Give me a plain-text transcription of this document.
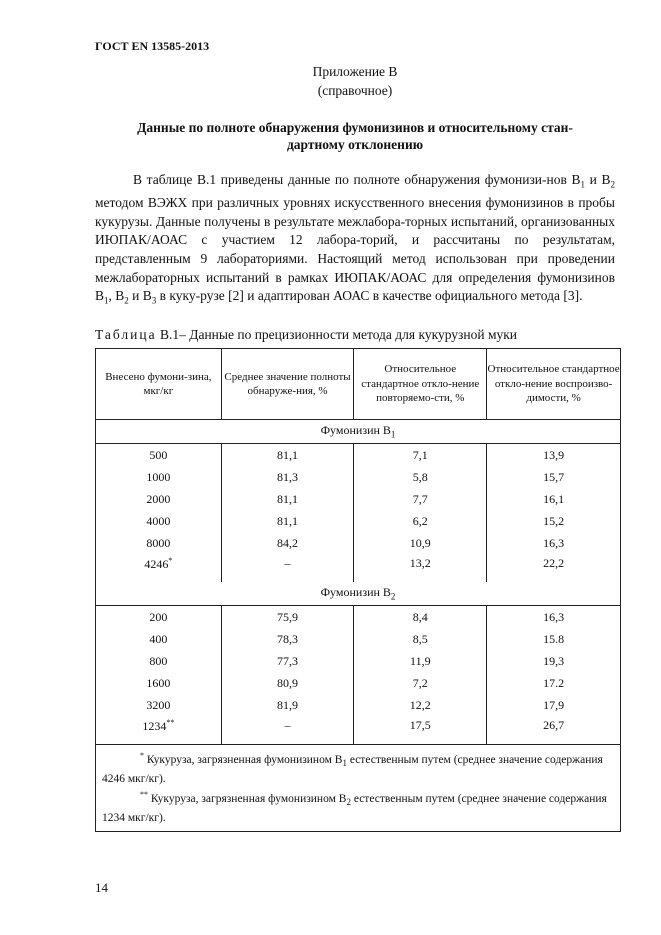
ГОСТ EN 13585-2013
Приложение В
(справочное)
Данные по полноте обнаружения фумонизинов и относительному стан-
дартному отклонению
В таблице В.1 приведены данные по полноте обнаружения фумонизи-нов $B_1$ и $B_2$ методом ВЭЖХ при различных уровнях искусственного внесения фумонизинов в пробы кукурузы. Данные получены в результате межлабора-торных испытаний, организованных ИЮПАК/АОАС с участием 12 лабора-торий, и рассчитаны по результатам, представленным 9 лабораториями. Настоящий метод использован при проведении межлабораторных испытаний в рамках ИЮПАК/АОАС для определения фумонизинов $B_1$, $B_2$ и $B_3$ в куку-рузе [2] и адаптирован АОАС в качестве официального метода [3].
Таблица В.1– Данные по прецизионности метода для кукурузной муки
Внесено фумони-зина, мкг/кг	Среднее значение полноты обнаруже-ния, %	Относительное стандартное откло-нение повторяемо-сти, %	Относительное стандартное откло-нение воспроизво-димости, %
Фумонизин $B_1$
500	81,1	7,1	13,9
1000	81,3	5,8	15,7
2000	81,1	7,7	16,1
4000	81,1	6,2	15,2
8000	84,2	10,9	16,3
4246*	–	13,2	22,2
Фумонизин $B_2$
200	75,9	8,4	16,3
400	78,3	8,5	15.8
800	77,3	11,9	19,3
1600	80,9	7,2	17.2
3200	81,9	12,2	17,9
1234**	–	17,5	26,7

* Кукуруза, загрязненная фумонизином $B_1$ естественным путем (среднее значение содержания 4246 мкг/кг).
** Кукуруза, загрязненная фумонизином $B_2$ естественным путем (среднее значение содержания 1234 мкг/кг).			
14
